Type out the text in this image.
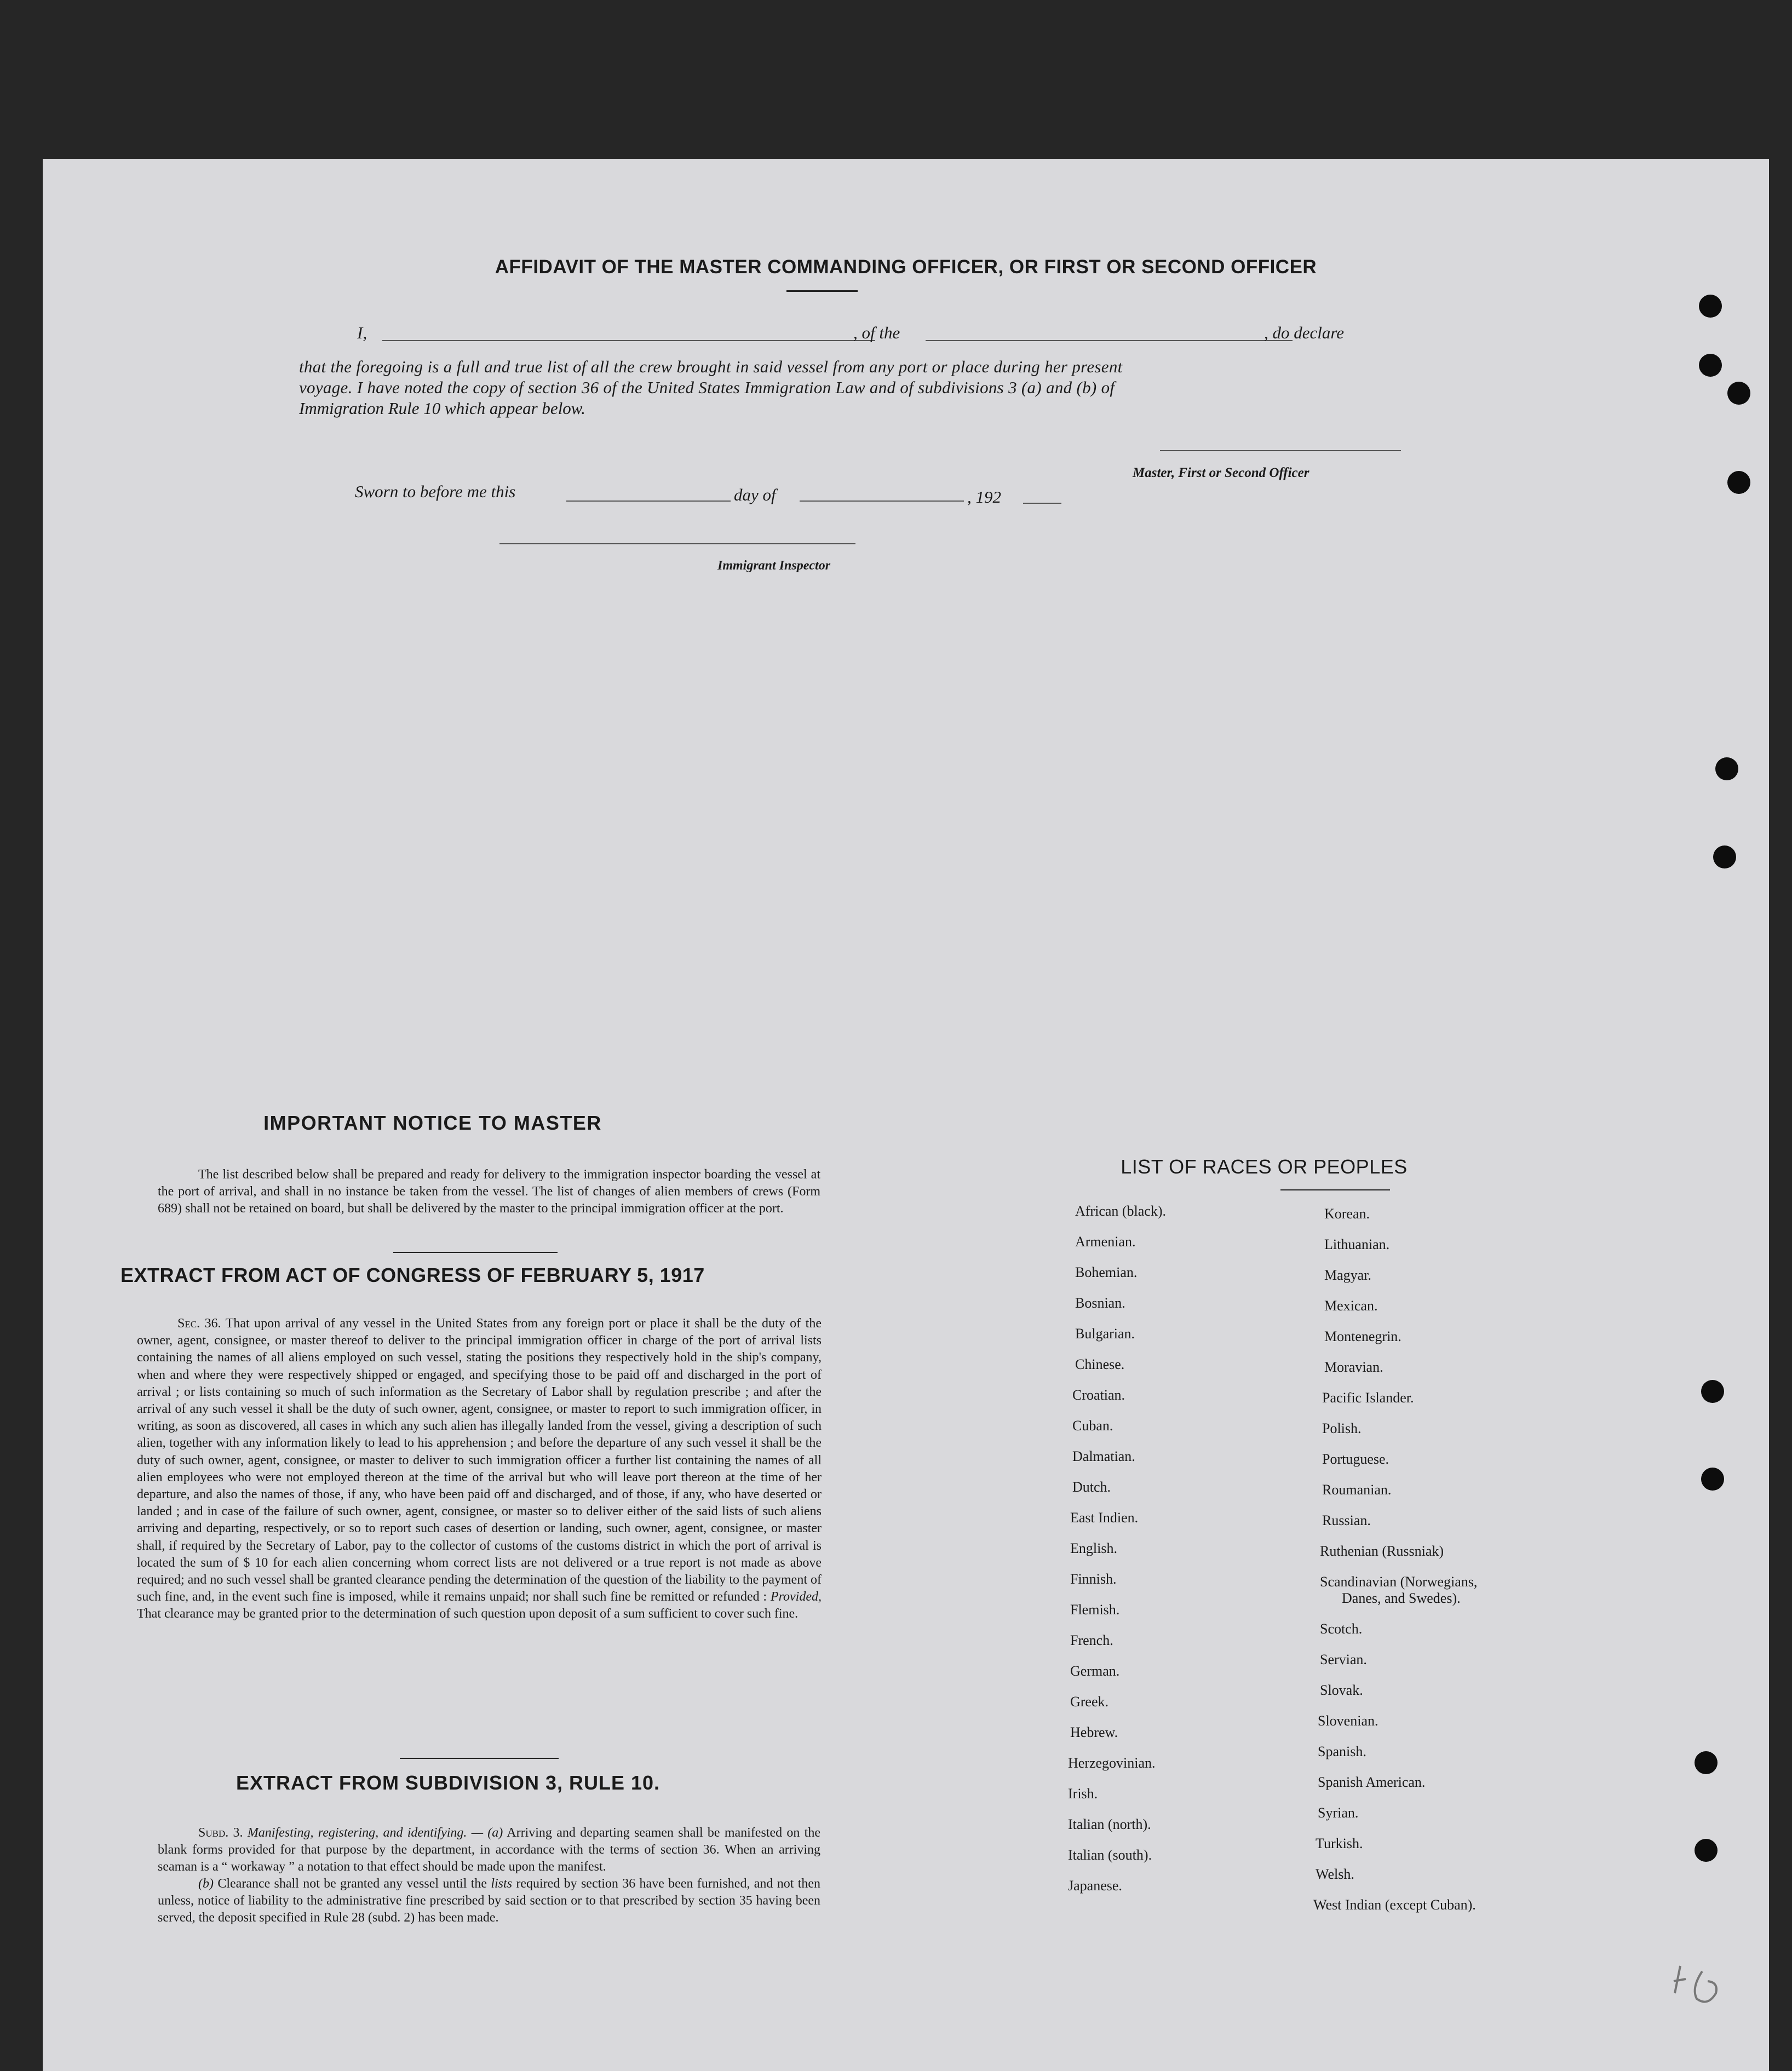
AFFIDAVIT OF THE MASTER COMMANDING OFFICER, OR FIRST OR SECOND OFFICER
I,	, of the	, do declare
that the foregoing is a full and true list of all the crew brought in said vessel from any port or place during her present
voyage. I have noted the copy of section 36 of the United States Immigration Law and of subdivisions 3 (a) and (b) of
Immigration Rule 10 which appear below.
Master, First or Second Officer
Sworn to before me this	day of	, 192
Immigrant Inspector
IMPORTANT NOTICE TO MASTER

The list described below shall be prepared and ready for delivery to the immigration inspector boarding the vessel at the port of arrival, and shall in no instance be taken from the vessel. The list of changes of alien members of crews (Form 689) shall not be retained on board, but shall be delivered by the master to the principal immigration officer at the port.

EXTRACT FROM ACT OF CONGRESS OF FEBRUARY 5, 1917

Sec. 36. That upon arrival of any vessel in the United States from any foreign port or place it shall be the duty of the owner, agent, consignee, or master thereof to deliver to the principal immigration officer in charge of the port of arrival lists containing the names of all aliens employed on such vessel, stating the positions they respectively hold in the ship's company, when and where they were respectively shipped or engaged, and specifying those to be paid off and discharged in the port of arrival ; or lists containing so much of such information as the Secretary of Labor shall by regulation prescribe ; and after the arrival of any such vessel it shall be the duty of such owner, agent, consignee, or master to report to such immigration officer, in writing, as soon as discovered, all cases in which any such alien has illegally landed from the vessel, giving a description of such alien, together with any information likely to lead to his apprehension ; and before the departure of any such vessel it shall be the duty of such owner, agent, consignee, or master to deliver to such immigration officer a further list containing the names of all alien employees who were not employed thereon at the time of the arrival but who will leave port thereon at the time of her departure, and also the names of those, if any, who have been paid off and discharged, and of those, if any, who have deserted or landed ; and in case of the failure of such owner, agent, consignee, or master so to deliver either of the said lists of such aliens arriving and departing, respectively, or so to report such cases of desertion or landing, such owner, agent, consignee, or master shall, if required by the Secretary of Labor, pay to the collector of customs of the customs district in which the port of arrival is located the sum of $ 10 for each alien concerning whom correct lists are not delivered or a true report is not made as above required; and no such vessel shall be granted clearance pending the determination of the question of the liability to the payment of such fine, and, in the event such fine is imposed, while it remains unpaid; nor shall such fine be remitted or refunded : Provided, That clearance may be granted prior to the determination of such question upon deposit of a sum sufficient to cover such fine.

EXTRACT FROM SUBDIVISION 3, RULE 10.

Subd. 3. Manifesting, registering, and identifying. — (a) Arriving and departing seamen shall be manifested on the blank forms provided for that purpose by the department, in accordance with the terms of section 36. When an arriving seaman is a “ workaway ” a notation to that effect should be made upon the manifest.

(b) Clearance shall not be granted any vessel until the lists required by section 36 have been furnished, and not then unless, notice of liability to the administrative fine prescribed by said section or to that prescribed by section 35 having been served, the deposit specified in Rule 28 (subd. 2) has been made.

LIST OF RACES OR PEOPLES
African (black).
Armenian.
Bohemian.
Bosnian.
Bulgarian.
Chinese.
Croatian.
Cuban.
Dalmatian.
Dutch.
East Indien.
English.
Finnish.
Flemish.
French.
German.
Greek.
Hebrew.
Herzegovinian.
Irish.
Italian (north).
Italian (south).
Japanese.
Korean.
Lithuanian.
Magyar.
Mexican.
Montenegrin.
Moravian.
Pacific Islander.
Polish.
Portuguese.
Roumanian.
Russian.
Ruthenian (Russniak)
Scandinavian (Norwegians,
Danes, and Swedes).
Scotch.
Servian.
Slovak.
Slovenian.
Spanish.
Spanish American.
Syrian.
Turkish.
Welsh.
West Indian (except Cuban).
